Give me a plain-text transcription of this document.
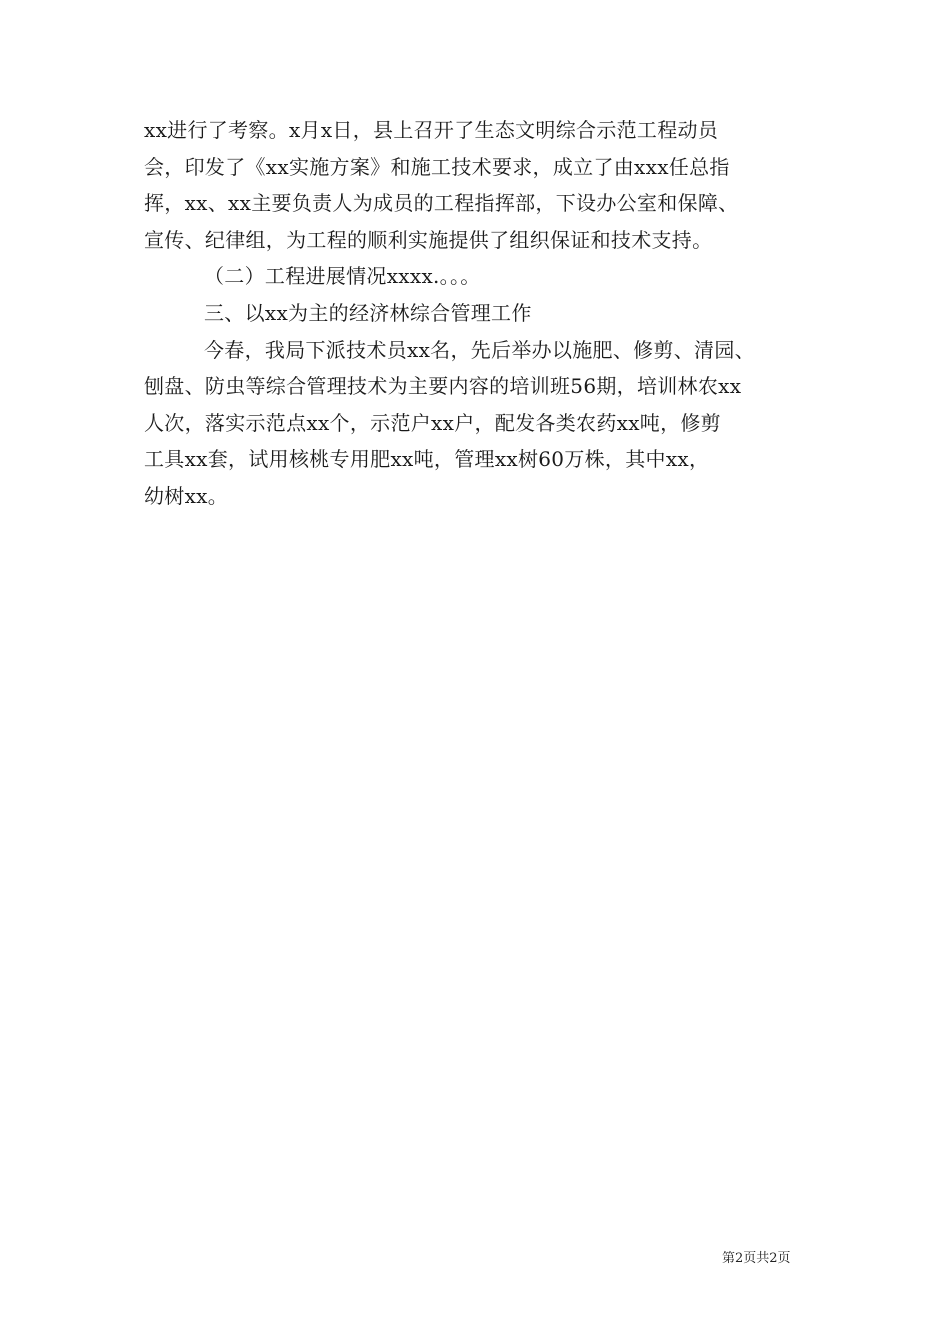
xx进行了考察。x月x日，县上召开了生态文明综合示范工程动员
会，印发了《xx实施方案》和施工技术要求，成立了由xxx任总指
挥，xx、xx主要负责人为成员的工程指挥部，下设办公室和保障、
宣传、纪律组，为工程的顺利实施提供了组织保证和技术支持。
（二）工程进展情况xxxx.。。。
三、以xx为主的经济林综合管理工作
今春，我局下派技术员xx名，先后举办以施肥、修剪、清园、
刨盘、防虫等综合管理技术为主要内容的培训班56期，培训林农xx
人次，落实示范点xx个，示范户xx户，配发各类农药xx吨，修剪
工具xx套，试用核桃专用肥xx吨，管理xx树60万株，其中xx，
幼树xx。
第2页共2页
